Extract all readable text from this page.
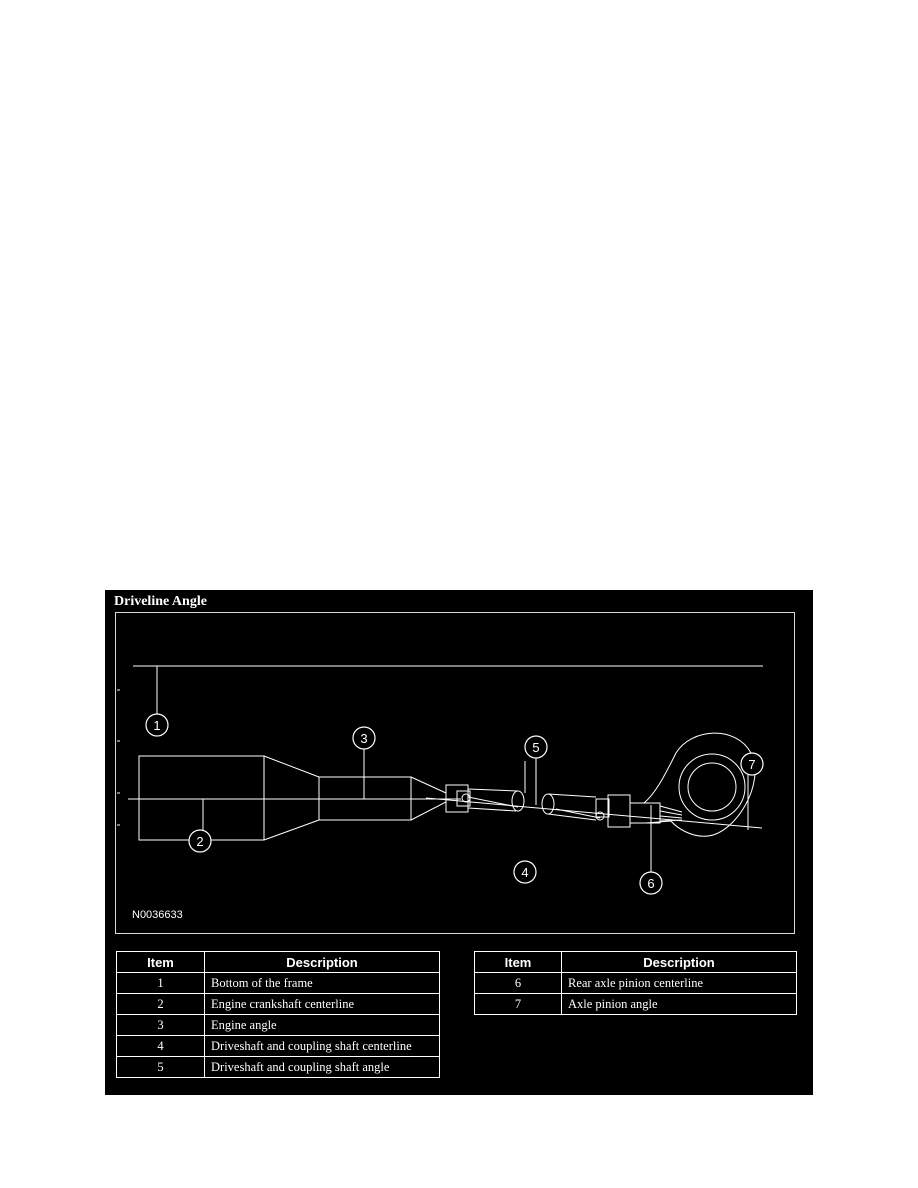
Driveline Angle
1
2
3
4
5
6
7
N0036633
Item	Description
1	Bottom of the frame
2	Engine crankshaft centerline
3	Engine angle
4	Driveshaft and coupling shaft centerline
5	Driveshaft and coupling shaft angle
Item	Description
6	Rear axle pinion centerline
7	Axle pinion angle
